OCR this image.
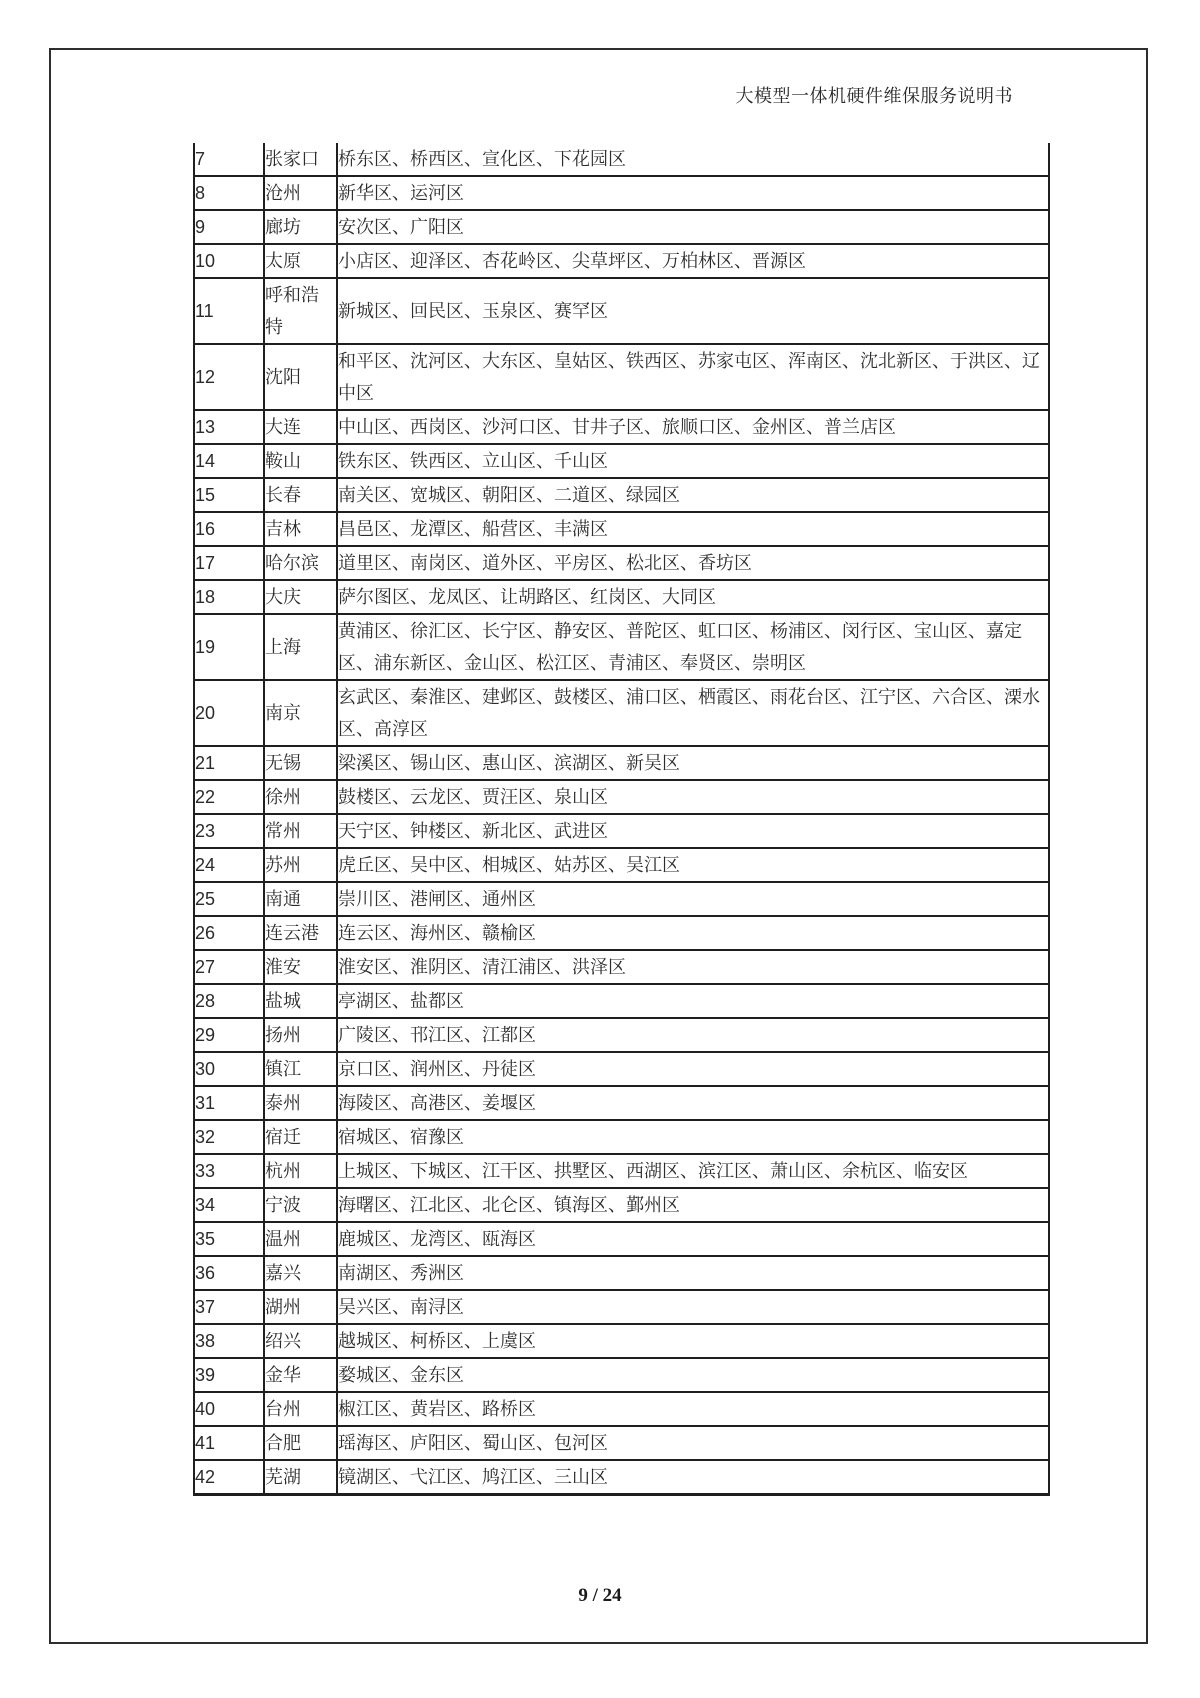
大模型一体机硬件维保服务说明书
7	张家口	桥东区、桥西区、宣化区、下花园区
8	沧州	新华区、运河区
9	廊坊	安次区、广阳区
10	太原	小店区、迎泽区、杏花岭区、尖草坪区、万柏林区、晋源区
11	呼和浩特	新城区、回民区、玉泉区、赛罕区
12	沈阳	和平区、沈河区、大东区、皇姑区、铁西区、苏家屯区、浑南区、沈北新区、于洪区、辽中区
13	大连	中山区、西岗区、沙河口区、甘井子区、旅顺口区、金州区、普兰店区
14	鞍山	铁东区、铁西区、立山区、千山区
15	长春	南关区、宽城区、朝阳区、二道区、绿园区
16	吉林	昌邑区、龙潭区、船营区、丰满区
17	哈尔滨	道里区、南岗区、道外区、平房区、松北区、香坊区
18	大庆	萨尔图区、龙凤区、让胡路区、红岗区、大同区
19	上海	黄浦区、徐汇区、长宁区、静安区、普陀区、虹口区、杨浦区、闵行区、宝山区、嘉定区、浦东新区、金山区、松江区、青浦区、奉贤区、崇明区
20	南京	玄武区、秦淮区、建邺区、鼓楼区、浦口区、栖霞区、雨花台区、江宁区、六合区、溧水区、高淳区
21	无锡	梁溪区、锡山区、惠山区、滨湖区、新吴区
22	徐州	鼓楼区、云龙区、贾汪区、泉山区
23	常州	天宁区、钟楼区、新北区、武进区
24	苏州	虎丘区、吴中区、相城区、姑苏区、吴江区
25	南通	崇川区、港闸区、通州区
26	连云港	连云区、海州区、赣榆区
27	淮安	淮安区、淮阴区、清江浦区、洪泽区
28	盐城	亭湖区、盐都区
29	扬州	广陵区、邗江区、江都区
30	镇江	京口区、润州区、丹徒区
31	泰州	海陵区、高港区、姜堰区
32	宿迁	宿城区、宿豫区
33	杭州	上城区、下城区、江干区、拱墅区、西湖区、滨江区、萧山区、余杭区、临安区
34	宁波	海曙区、江北区、北仑区、镇海区、鄞州区
35	温州	鹿城区、龙湾区、瓯海区
36	嘉兴	南湖区、秀洲区
37	湖州	吴兴区、南浔区
38	绍兴	越城区、柯桥区、上虞区
39	金华	婺城区、金东区
40	台州	椒江区、黄岩区、路桥区
41	合肥	瑶海区、庐阳区、蜀山区、包河区
42	芜湖	镜湖区、弋江区、鸠江区、三山区
9 / 24
